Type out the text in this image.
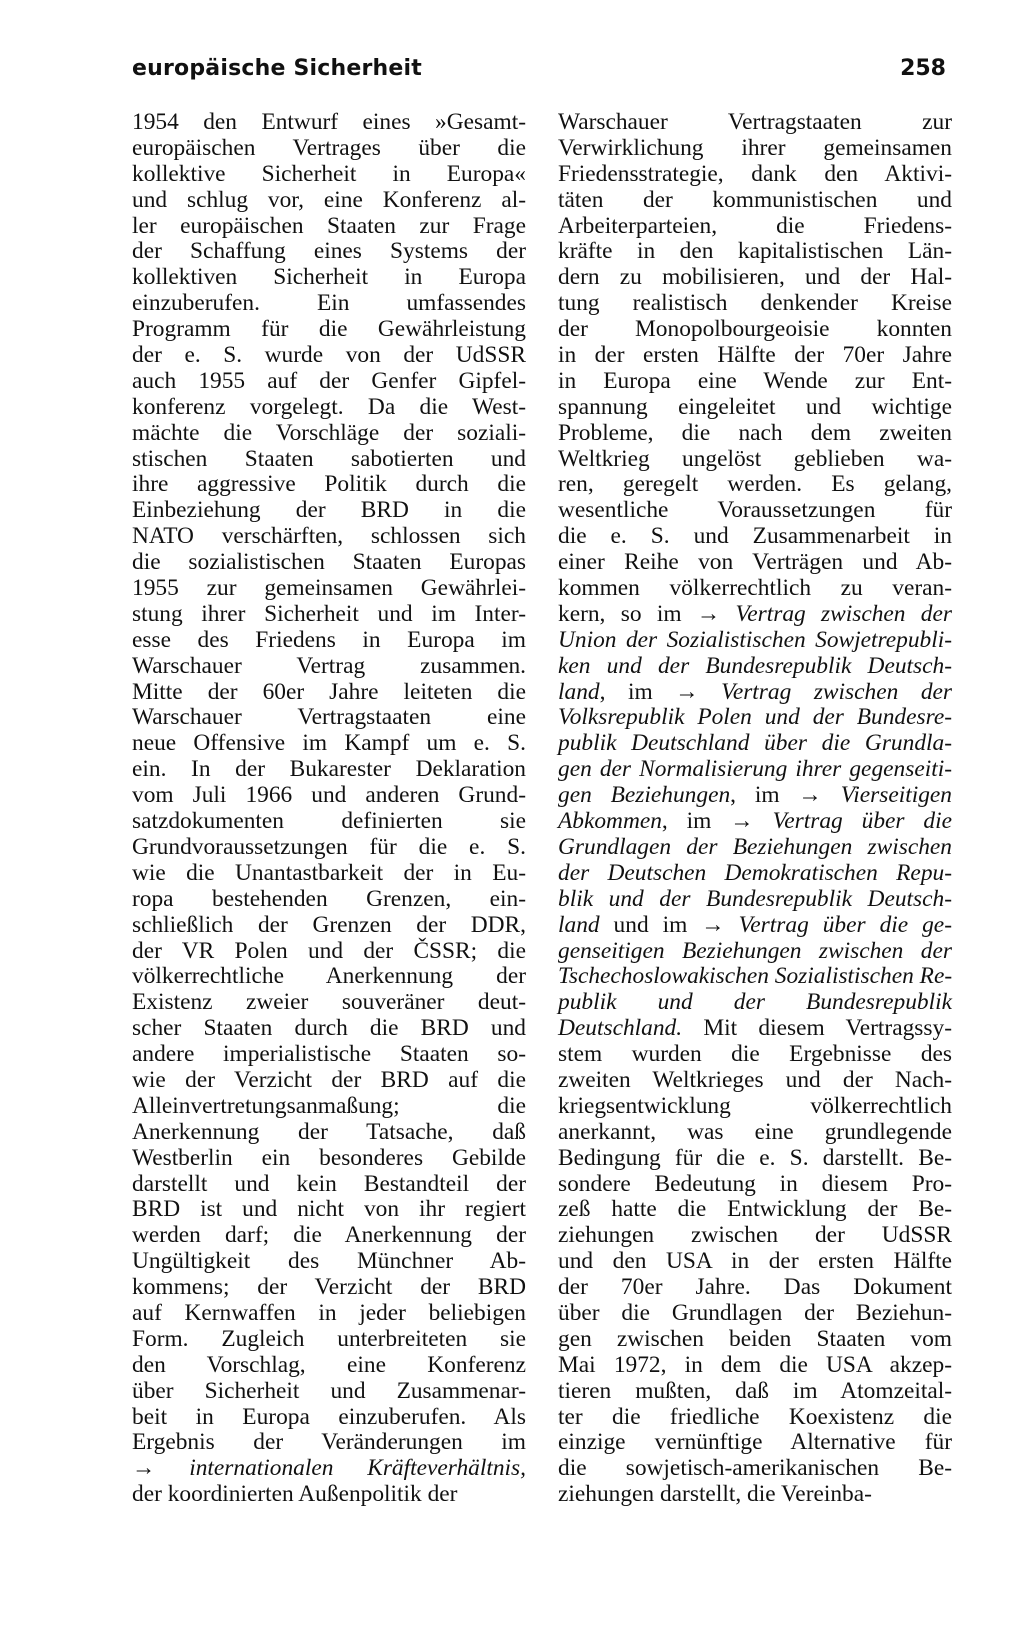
europäische Sicherheit	258
1954 den Entwurf eines »Gesamt-
europäischen Vertrages über die
kollektive Sicherheit in Europa«
und schlug vor, eine Konferenz al-
ler europäischen Staaten zur Frage
der Schaffung eines Systems der
kollektiven Sicherheit in Europa
einzuberufen. Ein umfassendes
Programm für die Gewährleistung
der e. S. wurde von der UdSSR
auch 1955 auf der Genfer Gipfel-
konferenz vorgelegt. Da die West-
mächte die Vorschläge der soziali-
stischen Staaten sabotierten und
ihre aggressive Politik durch die
Einbeziehung der BRD in die
NATO verschärften, schlossen sich
die sozialistischen Staaten Europas
1955 zur gemeinsamen Gewährlei-
stung ihrer Sicherheit und im Inter-
esse des Friedens in Europa im
Warschauer Vertrag zusammen.
Mitte der 60er Jahre leiteten die
Warschauer Vertragstaaten eine
neue Offensive im Kampf um e. S.
ein. In der Bukarester Deklaration
vom Juli 1966 und anderen Grund-
satzdokumenten definierten sie
Grundvoraussetzungen für die e. S.
wie die Unantastbarkeit der in Eu-
ropa bestehenden Grenzen, ein-
schließlich der Grenzen der DDR,
der VR Polen und der ČSSR; die
völkerrechtliche Anerkennung der
Existenz zweier souveräner deut-
scher Staaten durch die BRD und
andere imperialistische Staaten so-
wie der Verzicht der BRD auf die
Alleinvertretungsanmaßung; die
Anerkennung der Tatsache, daß
Westberlin ein besonderes Gebilde
darstellt und kein Bestandteil der
BRD ist und nicht von ihr regiert
werden darf; die Anerkennung der
Ungültigkeit des Münchner Ab-
kommens; der Verzicht der BRD
auf Kernwaffen in jeder beliebigen
Form. Zugleich unterbreiteten sie
den Vorschlag, eine Konferenz
über Sicherheit und Zusammenar-
beit in Europa einzuberufen. Als
Ergebnis der Veränderungen im
→ internationalen Kräfteverhältnis,
der koordinierten Außenpolitik der
Warschauer Vertragstaaten zur
Verwirklichung ihrer gemeinsamen
Friedensstrategie, dank den Aktivi-
täten der kommunistischen und
Arbeiterparteien, die Friedens-
kräfte in den kapitalistischen Län-
dern zu mobilisieren, und der Hal-
tung realistisch denkender Kreise
der Monopolbourgeoisie konnten
in der ersten Hälfte der 70er Jahre
in Europa eine Wende zur Ent-
spannung eingeleitet und wichtige
Probleme, die nach dem zweiten
Weltkrieg ungelöst geblieben wa-
ren, geregelt werden. Es gelang,
wesentliche Voraussetzungen für
die e. S. und Zusammenarbeit in
einer Reihe von Verträgen und Ab-
kommen völkerrechtlich zu veran-
kern, so im → Vertrag zwischen der
Union der Sozialistischen Sowjetrepubli-
ken und der Bundesrepublik Deutsch-
land, im → Vertrag zwischen der
Volksrepublik Polen und der Bundesre-
publik Deutschland über die Grundla-
gen der Normalisierung ihrer gegenseiti-
gen Beziehungen, im → Vierseitigen
Abkommen, im → Vertrag über die
Grundlagen der Beziehungen zwischen
der Deutschen Demokratischen Repu-
blik und der Bundesrepublik Deutsch-
land und im → Vertrag über die ge-
genseitigen Beziehungen zwischen der
Tschechoslowakischen Sozialistischen Re-
publik und der Bundesrepublik
Deutschland. Mit diesem Vertragssy-
stem wurden die Ergebnisse des
zweiten Weltkrieges und der Nach-
kriegsentwicklung völkerrechtlich
anerkannt, was eine grundlegende
Bedingung für die e. S. darstellt. Be-
sondere Bedeutung in diesem Pro-
zeß hatte die Entwicklung der Be-
ziehungen zwischen der UdSSR
und den USA in der ersten Hälfte
der 70er Jahre. Das Dokument
über die Grundlagen der Beziehun-
gen zwischen beiden Staaten vom
Mai 1972, in dem die USA akzep-
tieren mußten, daß im Atomzeital-
ter die friedliche Koexistenz die
einzige vernünftige Alternative für
die sowjetisch-amerikanischen Be-
ziehungen darstellt, die Vereinba-
